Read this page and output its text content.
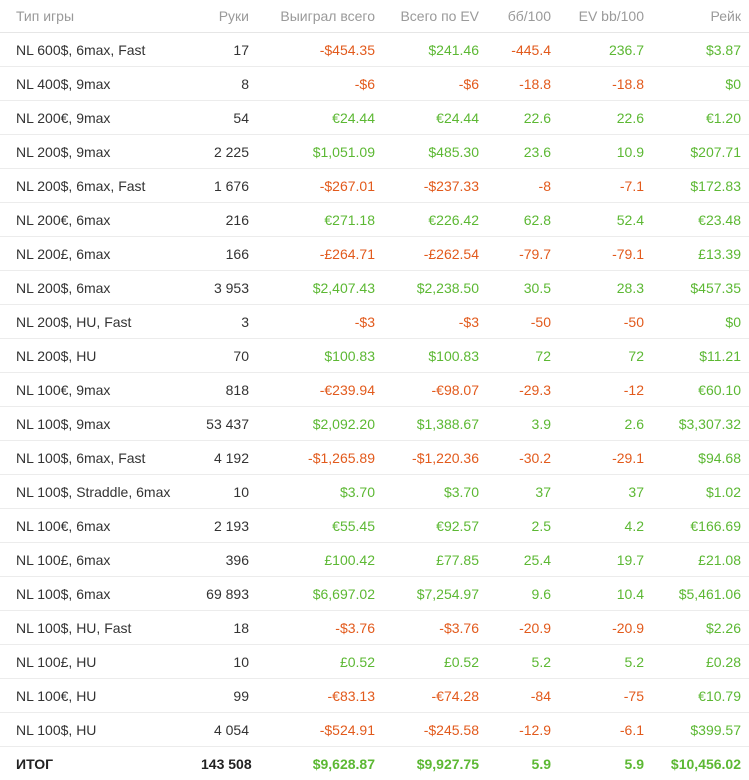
Тип игры	Руки	Выиграл всего	Всего по EV	бб/100	EV bb/100	Рейк
NL 600$, 6max, Fast	17	-$454.35	$241.46	-445.4	236.7	$3.87
NL 400$, 9max	8	-$6	-$6	-18.8	-18.8	$0
NL 200€, 9max	54	€24.44	€24.44	22.6	22.6	€1.20
NL 200$, 9max	2 225	$1,051.09	$485.30	23.6	10.9	$207.71
NL 200$, 6max, Fast	1 676	-$267.01	-$237.33	-8	-7.1	$172.83
NL 200€, 6max	216	€271.18	€226.42	62.8	52.4	€23.48
NL 200£, 6max	166	-£264.71	-£262.54	-79.7	-79.1	£13.39
NL 200$, 6max	3 953	$2,407.43	$2,238.50	30.5	28.3	$457.35
NL 200$, HU, Fast	3	-$3	-$3	-50	-50	$0
NL 200$, HU	70	$100.83	$100.83	72	72	$11.21
NL 100€, 9max	818	-€239.94	-€98.07	-29.3	-12	€60.10
NL 100$, 9max	53 437	$2,092.20	$1,388.67	3.9	2.6	$3,307.32
NL 100$, 6max, Fast	4 192	-$1,265.89	-$1,220.36	-30.2	-29.1	$94.68
NL 100$, Straddle, 6max	10	$3.70	$3.70	37	37	$1.02
NL 100€, 6max	2 193	€55.45	€92.57	2.5	4.2	€166.69
NL 100£, 6max	396	£100.42	£77.85	25.4	19.7	£21.08
NL 100$, 6max	69 893	$6,697.02	$7,254.97	9.6	10.4	$5,461.06
NL 100$, HU, Fast	18	-$3.76	-$3.76	-20.9	-20.9	$2.26
NL 100£, HU	10	£0.52	£0.52	5.2	5.2	£0.28
NL 100€, HU	99	-€83.13	-€74.28	-84	-75	€10.79
NL 100$, HU	4 054	-$524.91	-$245.58	-12.9	-6.1	$399.57
ИТОГ	143 508	$9,628.87	$9,927.75	5.9	5.9	$10,456.02
